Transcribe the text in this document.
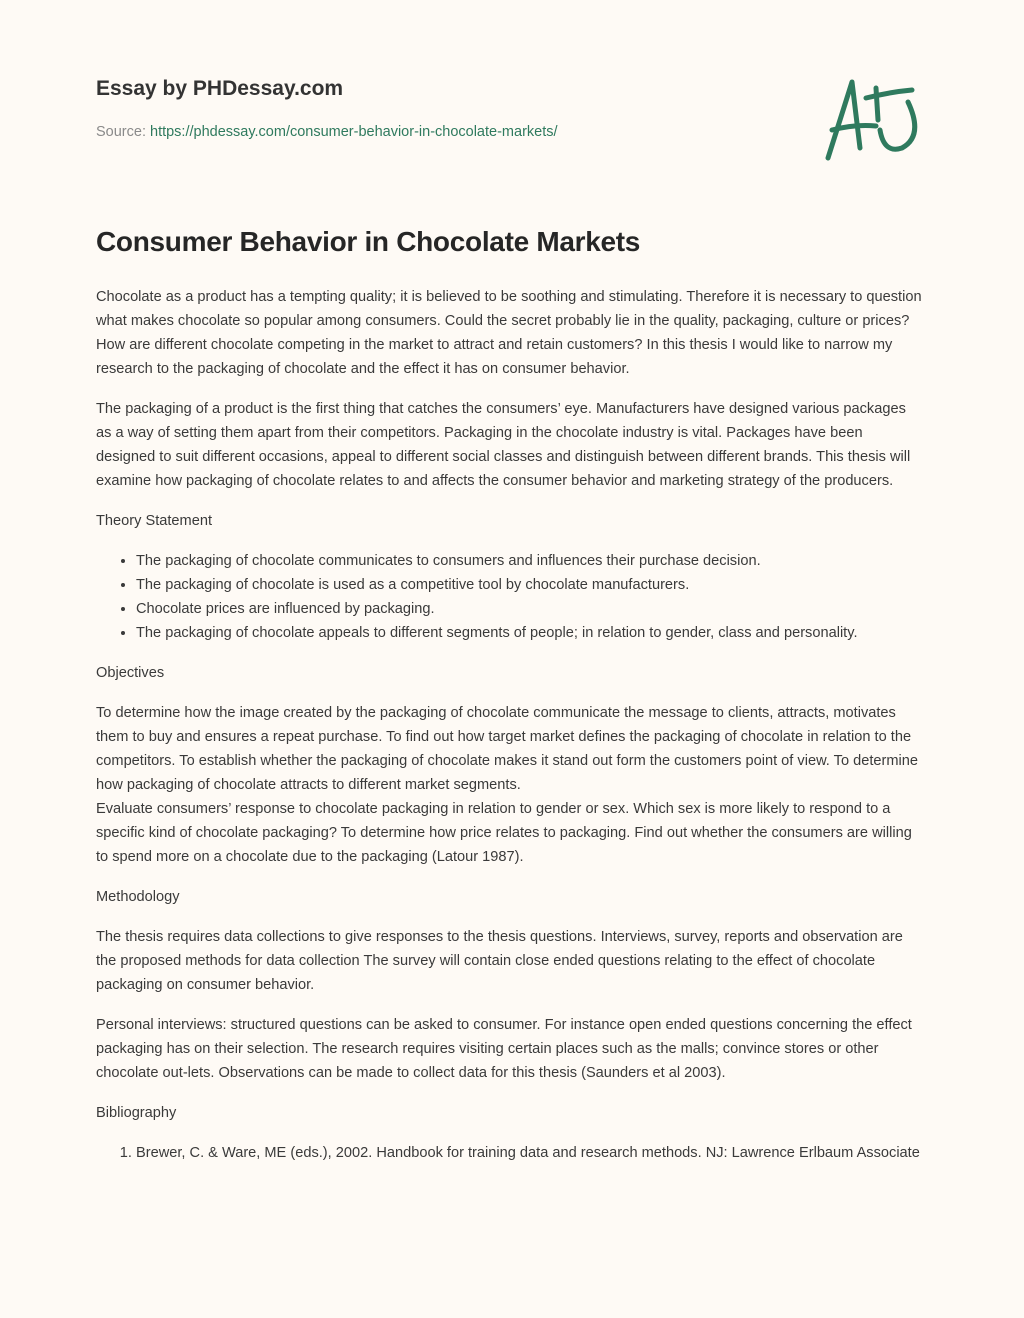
Essay by PHDessay.com
Source: https://phdessay.com/consumer-behavior-in-chocolate-markets/
Consumer Behavior in Chocolate Markets

Chocolate as a product has a tempting quality; it is believed to be soothing and stimulating. Therefore it is necessary to question what makes chocolate so popular among consumers. Could the secret probably lie in the quality, packaging, culture or prices? How are different chocolate competing in the market to attract and retain customers? In this thesis I would like to narrow my research to the packaging of chocolate and the effect it has on consumer behavior.

The packaging of a product is the first thing that catches the consumers’ eye. Manufacturers have designed various packages as a way of setting them apart from their competitors. Packaging in the chocolate industry is vital. Packages have been designed to suit different occasions, appeal to different social classes and distinguish between different brands. This thesis will examine how packaging of chocolate relates to and affects the consumer behavior and marketing strategy of the producers.

Theory Statement
• The packaging of chocolate communicates to consumers and influences their purchase decision.
• The packaging of chocolate is used as a competitive tool by chocolate manufacturers.
• Chocolate prices are influenced by packaging.
• The packaging of chocolate appeals to different segments of people; in relation to gender, class and personality.
Objectives

To determine how the image created by the packaging of chocolate communicate the message to clients, attracts, motivates them to buy and ensures a repeat purchase. To find out how target market defines the packaging of chocolate in relation to the competitors. To establish whether the packaging of chocolate makes it stand out form the customers point of view. To determine how packaging of chocolate attracts to different market segments.
Evaluate consumers’ response to chocolate packaging in relation to gender or sex. Which sex is more likely to respond to a specific kind of chocolate packaging? To determine how price relates to packaging. Find out whether the consumers are willing to spend more on a chocolate due to the packaging (Latour 1987).

Methodology

The thesis requires data collections to give responses to the thesis questions. Interviews, survey, reports and observation are the proposed methods for data collection The survey will contain close ended questions relating to the effect of chocolate packaging on consumer behavior.

Personal interviews: structured questions can be asked to consumer. For instance open ended questions concerning the effect packaging has on their selection. The research requires visiting certain places such as the malls; convince stores or other chocolate out-lets. Observations can be made to collect data for this thesis (Saunders et al 2003).

Bibliography
1. Brewer, C. & Ware, ME (eds.), 2002. Handbook for training data and research methods. NJ: Lawrence Erlbaum Associate
